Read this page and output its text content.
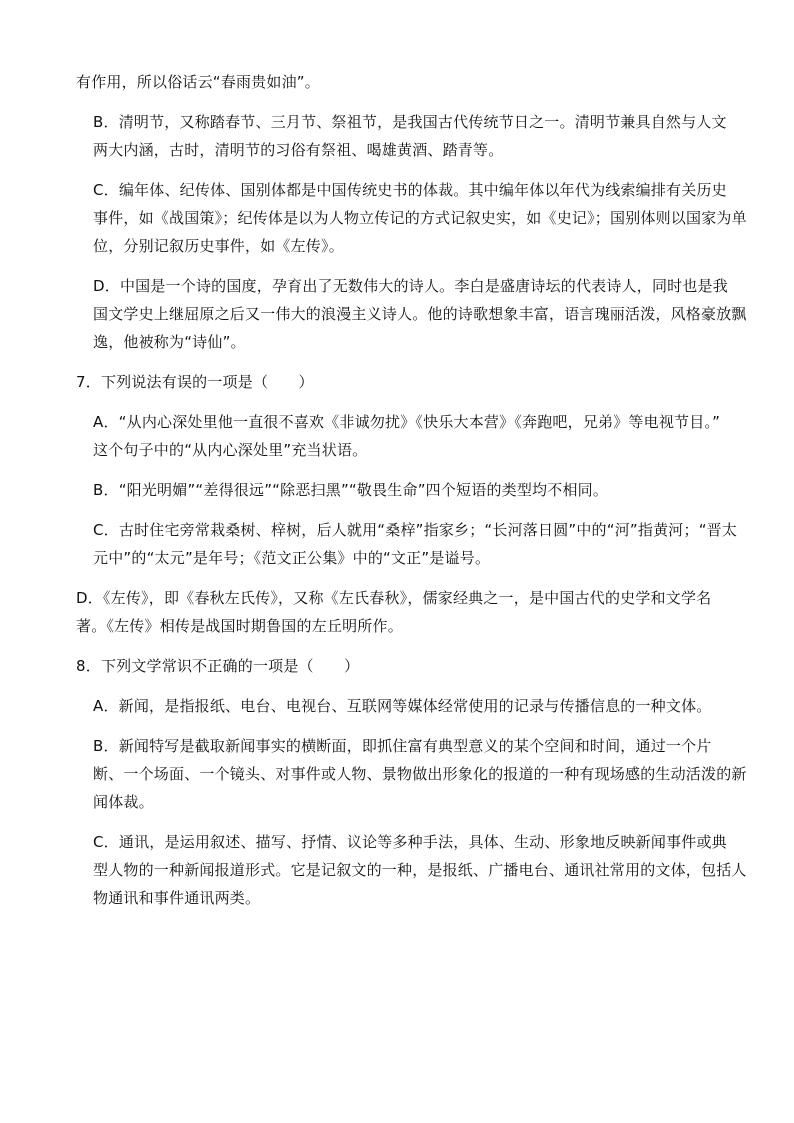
有作用，所以俗话云“春雨贵如油”。
B．清明节，又称踏春节、三月节、祭祖节，是我国古代传统节日之一。清明节兼具自然与人文
两大内涵，古时，清明节的习俗有祭祖、喝雄黄酒、踏青等。
C．编年体、纪传体、国别体都是中国传统史书的体裁。其中编年体以年代为线索编排有关历史
事件，如《战国策》；纪传体是以为人物立传记的方式记叙史实，如《史记》；国别体则以国家为单
位，分别记叙历史事件，如《左传》。
D．中国是一个诗的国度，孕育出了无数伟大的诗人。李白是盛唐诗坛的代表诗人，同时也是我
国文学史上继屈原之后又一伟大的浪漫主义诗人。他的诗歌想象丰富，语言瑰丽活泼，风格豪放飘
逸，他被称为“诗仙”。
7．下列说法有误的一项是（　　）
A．“从内心深处里他一直很不喜欢《非诚勿扰》《快乐大本营》《奔跑吧，兄弟》等电视节目。”
这个句子中的“从内心深处里”充当状语。
B．“阳光明媚”“差得很远”“除恶扫黑”“敬畏生命”四个短语的类型均不相同。
C．古时住宅旁常栽桑树、梓树，后人就用“桑梓”指家乡；“长河落日圆”中的“河”指黄河；“晋太
元中”的“太元”是年号；《范文正公集》中的“文正”是谥号。
D．《左传》，即《春秋左氏传》，又称《左氏春秋》，儒家经典之一，是中国古代的史学和文学名
著。《左传》相传是战国时期鲁国的左丘明所作。
8．下列文学常识不正确的一项是（　　）
A．新闻，是指报纸、电台、电视台、互联网等媒体经常使用的记录与传播信息的一种文体。
B．新闻特写是截取新闻事实的横断面，即抓住富有典型意义的某个空间和时间，通过一个片
断、一个场面、一个镜头、对事件或人物、景物做出形象化的报道的一种有现场感的生动活泼的新
闻体裁。
C．通讯，是运用叙述、描写、抒情、议论等多种手法，具体、生动、形象地反映新闻事件或典
型人物的一种新闻报道形式。它是记叙文的一种，是报纸、广播电台、通讯社常用的文体，包括人
物通讯和事件通讯两类。
